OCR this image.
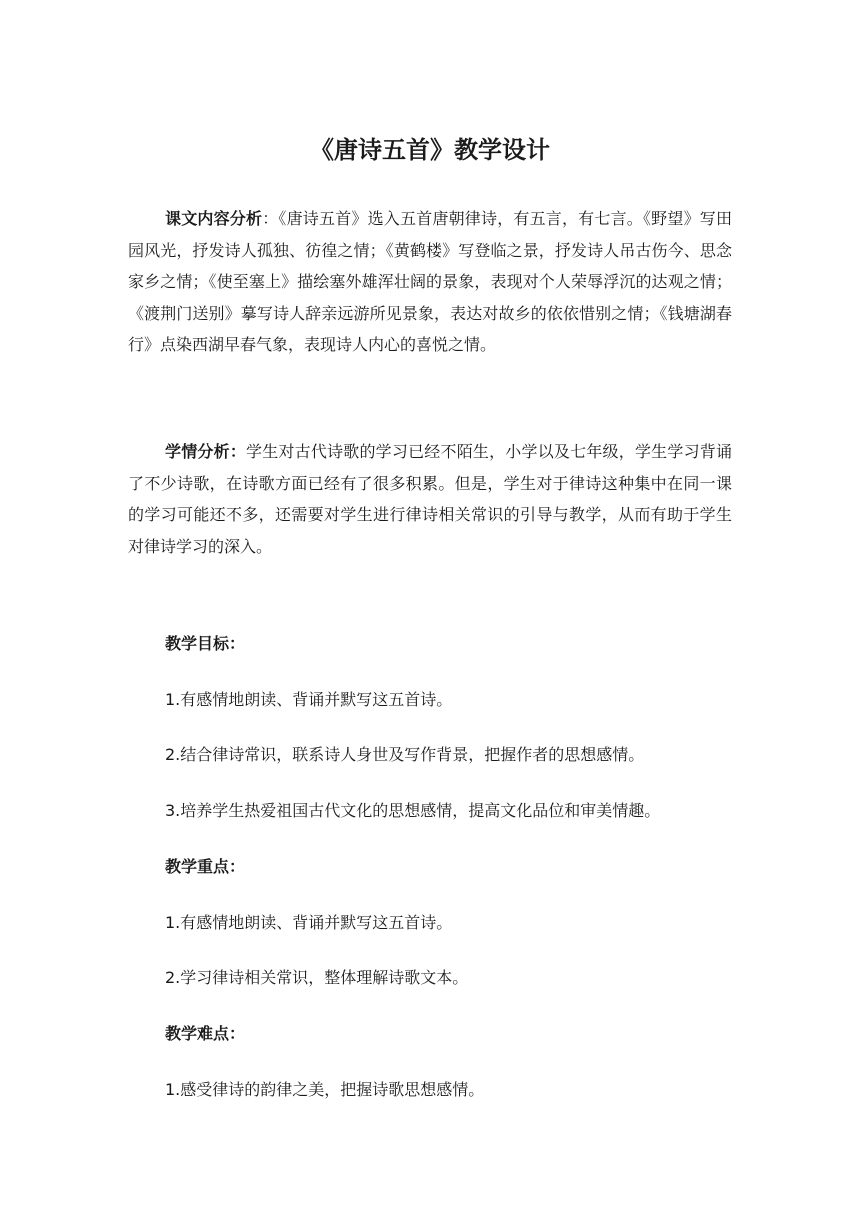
《唐诗五首》教学设计

课文内容分析：《唐诗五首》选入五首唐朝律诗，有五言，有七言。《野望》写田园风光，抒发诗人孤独、彷徨之情；《黄鹤楼》写登临之景，抒发诗人吊古伤今、思念家乡之情；《使至塞上》描绘塞外雄浑壮阔的景象，表现对个人荣辱浮沉的达观之情；《渡荆门送别》摹写诗人辞亲远游所见景象，表达对故乡的依依惜别之情；《钱塘湖春行》点染西湖早春气象，表现诗人内心的喜悦之情。

学情分析：学生对古代诗歌的学习已经不陌生，小学以及七年级，学生学习背诵了不少诗歌，在诗歌方面已经有了很多积累。但是，学生对于律诗这种集中在同一课的学习可能还不多，还需要对学生进行律诗相关常识的引导与教学，从而有助于学生对律诗学习的深入。

教学目标：
1.有感情地朗读、背诵并默写这五首诗。
2.结合律诗常识，联系诗人身世及写作背景，把握作者的思想感情。
3.培养学生热爱祖国古代文化的思想感情，提高文化品位和审美情趣。
教学重点：
1.有感情地朗读、背诵并默写这五首诗。
2.学习律诗相关常识，整体理解诗歌文本。
教学难点：
1.感受律诗的韵律之美，把握诗歌思想感情。
